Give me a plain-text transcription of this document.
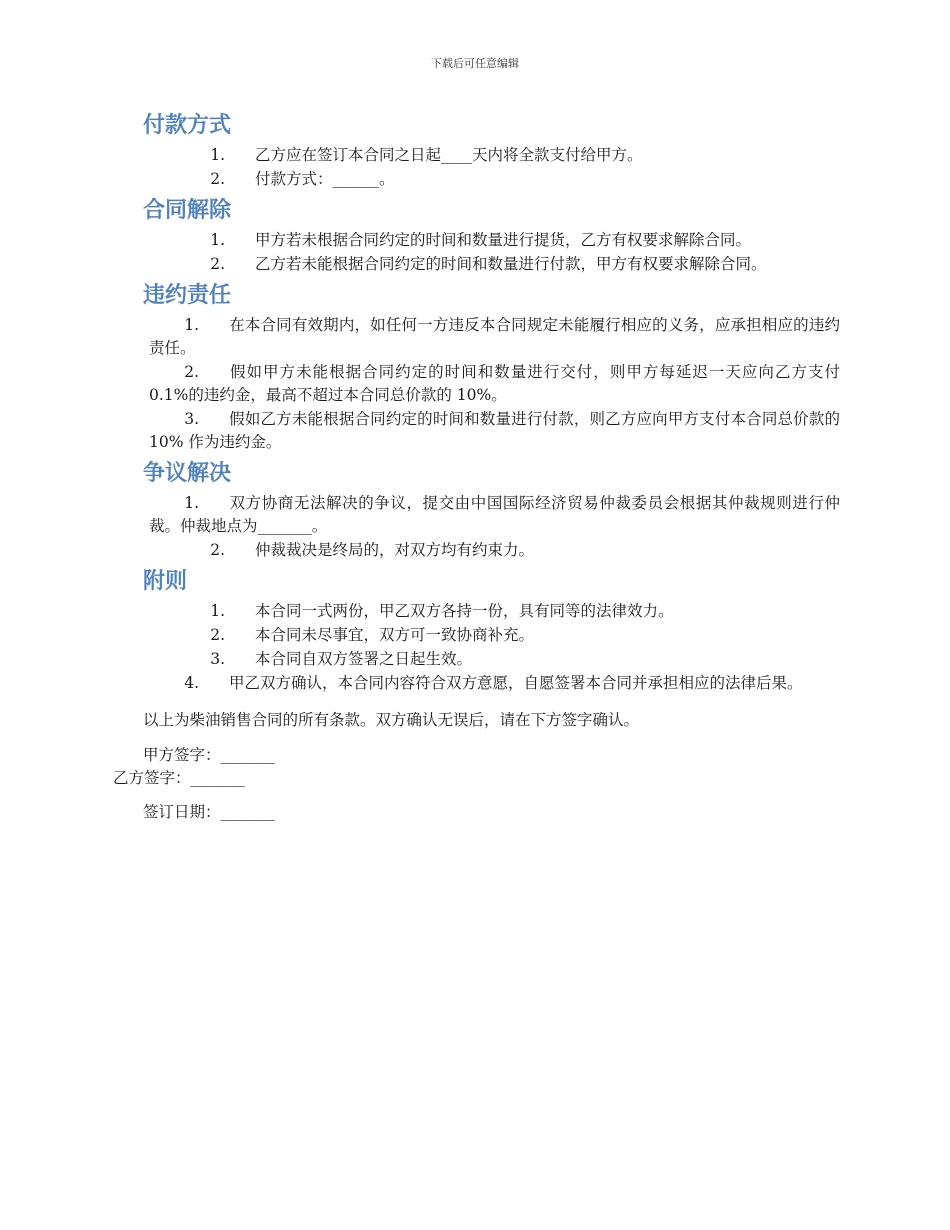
下载后可任意编辑
付款方式
1. 乙方应在签订本合同之日起____天内将全款支付给甲方。
2. 付款方式：______。
合同解除
1. 甲方若未根据合同约定的时间和数量进行提货，乙方有权要求解除合同。
2. 乙方若未能根据合同约定的时间和数量进行付款，甲方有权要求解除合同。
违约责任
1. 在本合同有效期内，如任何一方违反本合同规定未能履行相应的义务，应承担相应的违约责任。
2. 假如甲方未能根据合同约定的时间和数量进行交付，则甲方每延迟一天应向乙方支付 0.1%的违约金，最高不超过本合同总价款的 10%。
3. 假如乙方未能根据合同约定的时间和数量进行付款，则乙方应向甲方支付本合同总价款的 10% 作为违约金。
争议解决
1. 双方协商无法解决的争议，提交由中国国际经济贸易仲裁委员会根据其仲裁规则进行仲裁。仲裁地点为_______。
2. 仲裁裁决是终局的，对双方均有约束力。
附则
1. 本合同一式两份，甲乙双方各持一份，具有同等的法律效力。
2. 本合同未尽事宜，双方可一致协商补充。
3. 本合同自双方签署之日起生效。
4. 甲乙双方确认，本合同内容符合双方意愿，自愿签署本合同并承担相应的法律后果。
以上为柴油销售合同的所有条款。双方确认无误后，请在下方签字确认。
甲方签字：_______
乙方签字：_______
签订日期：_______
